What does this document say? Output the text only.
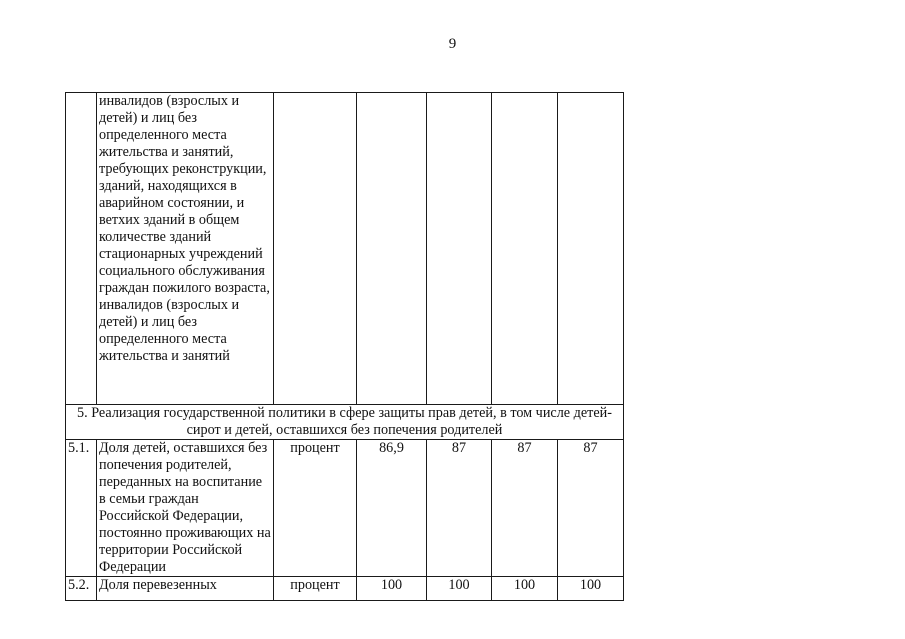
9
	инвалидов (взрослых и детей) и лиц без определенного места жительства и занятий, требующих реконструкции, зданий, находящихся в аварийном состоянии, и ветхих зданий в общем количестве зданий стационарных учреждений социального обслуживания граждан пожилого возраста, инвалидов (взрослых и детей) и лиц без определенного места жительства и занятий					
5. Реализация государственной политики в сфере защиты прав детей, в том числе детей-сирот и детей, оставшихся без попечения родителей						
5.1.	Доля детей, оставшихся без попечения родителей, переданных на воспитание в семьи граждан Российской Федерации, постоянно проживающих на территории Российской Федерации	процент	86,9	87	87	87
5.2.	Доля перевезенных	процент	100	100	100	100
